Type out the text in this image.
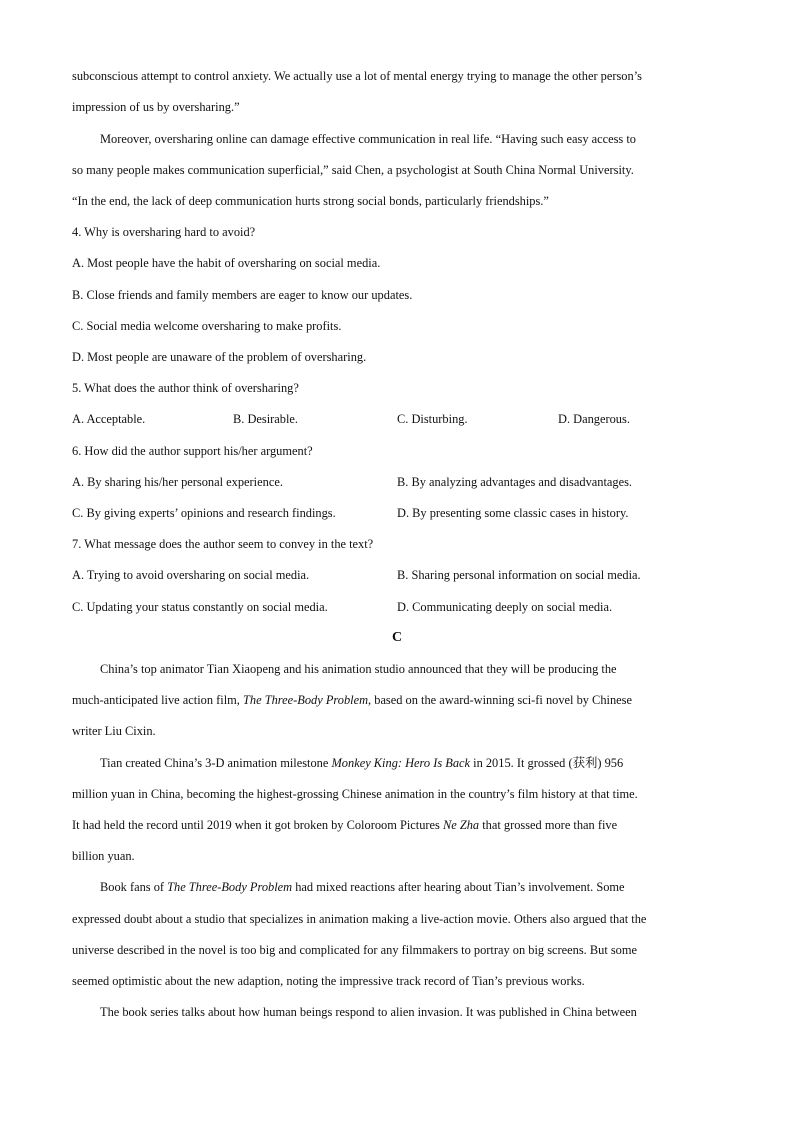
subconscious attempt to control anxiety. We actually use a lot of mental energy trying to manage the other person’s
impression of us by oversharing.”
Moreover, oversharing online can damage effective communication in real life. “Having such easy access to
so many people makes communication superficial,” said Chen, a psychologist at South China Normal University.
“In the end, the lack of deep communication hurts strong social bonds, particularly friendships.”
4. Why is oversharing hard to avoid?
A. Most people have the habit of oversharing on social media.
B. Close friends and family members are eager to know our updates.
C. Social media welcome oversharing to make profits.
D. Most people are unaware of the problem of oversharing.
5. What does the author think of oversharing?
A. Acceptable.	B. Desirable.	C. Disturbing.	D. Dangerous.
6. How did the author support his/her argument?
A. By sharing his/her personal experience.	B. By analyzing advantages and disadvantages.
C. By giving experts’ opinions and research findings.	D. By presenting some classic cases in history.
7. What message does the author seem to convey in the text?
A. Trying to avoid oversharing on social media.	B. Sharing personal information on social media.
C. Updating your status constantly on social media.	D. Communicating deeply on social media.
C
China’s top animator Tian Xiaopeng and his animation studio announced that they will be producing the
much-anticipated live action film, The Three-Body Problem, based on the award-winning sci-fi novel by Chinese
writer Liu Cixin.
Tian created China’s 3-D animation milestone Monkey King: Hero Is Back in 2015. It grossed (获利) 956
million yuan in China, becoming the highest-grossing Chinese animation in the country’s film history at that time.
It had held the record until 2019 when it got broken by Coloroom Pictures Ne Zha that grossed more than five
billion yuan.
Book fans of The Three-Body Problem had mixed reactions after hearing about Tian’s involvement. Some
expressed doubt about a studio that specializes in animation making a live-action movie. Others also argued that the
universe described in the novel is too big and complicated for any filmmakers to portray on big screens. But some
seemed optimistic about the new adaption, noting the impressive track record of Tian’s previous works.
The book series talks about how human beings respond to alien invasion. It was published in China between
